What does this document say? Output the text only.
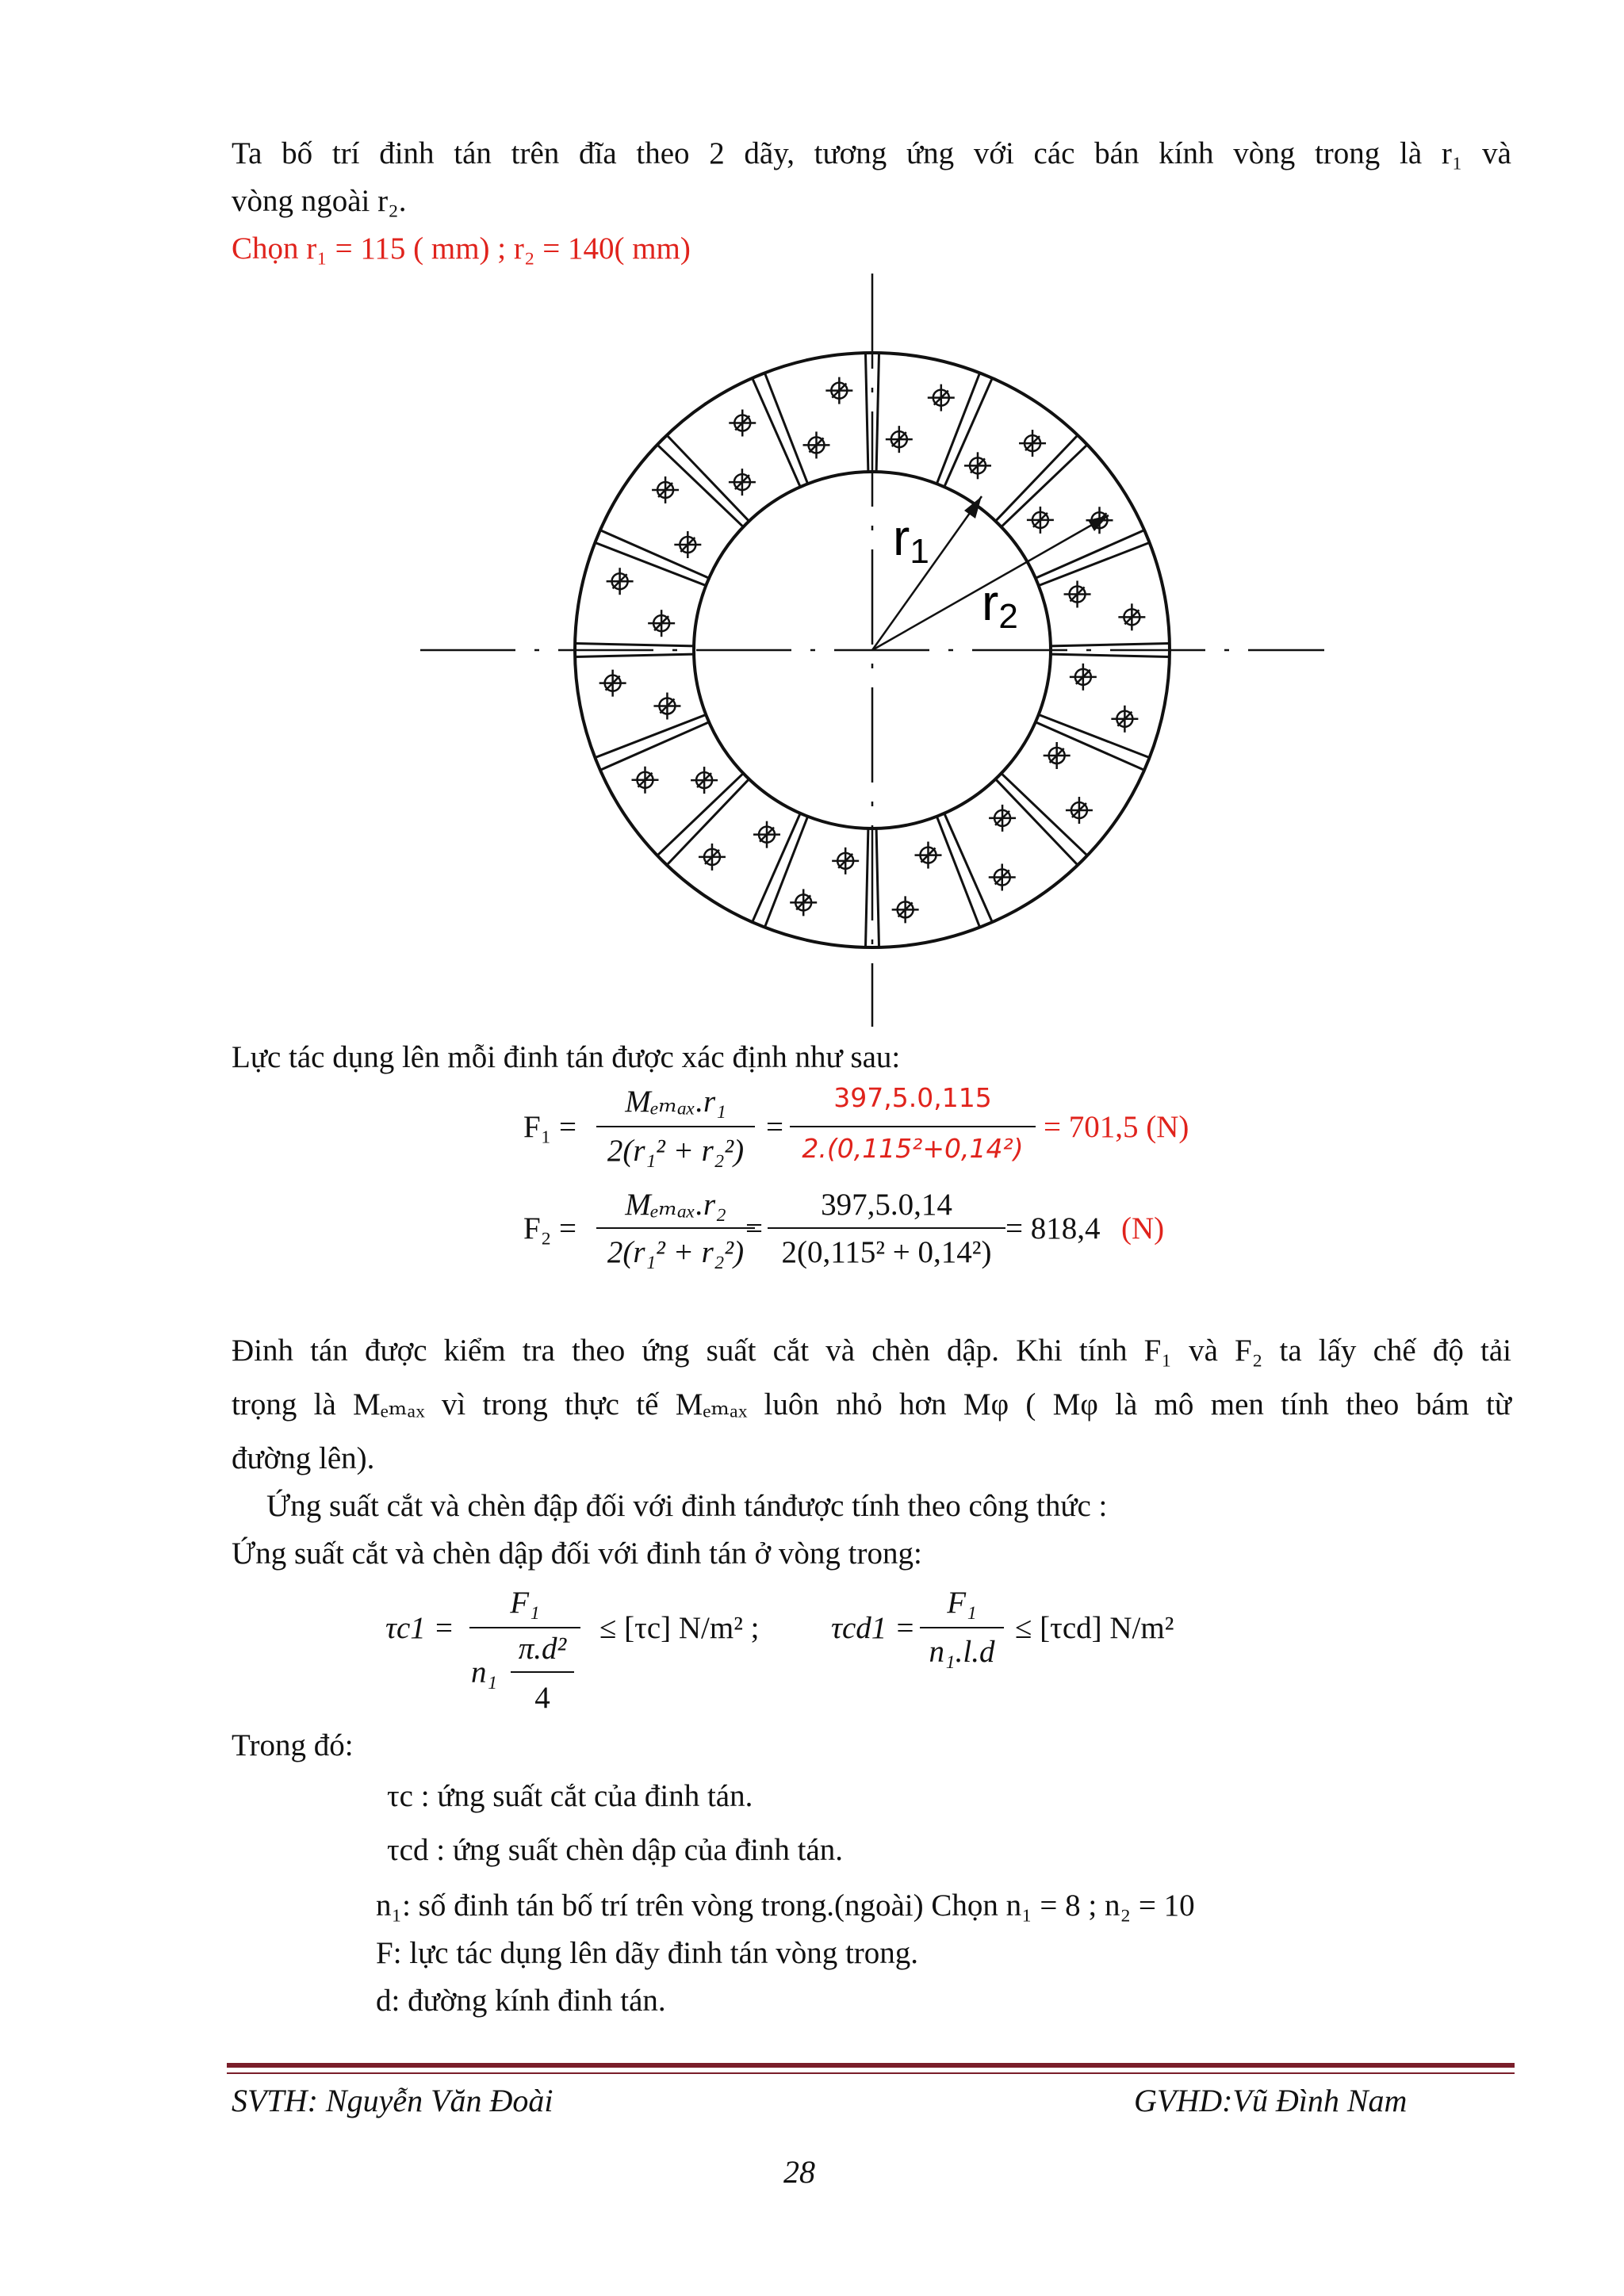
Ta bố trí đinh tán trên đĩa theo 2 dãy, tương ứng với các bán kính vòng trong là r₁ và
vòng ngoài r₂.
Chọn r₁ = 115 ( mm) ; r₂ = 140( mm)
r1
r2
Lực tác dụng lên mỗi đinh tán được xác định như sau:
F₁ =
Mₑₘₐₓ.r₁
2(r₁² + r₂²)
=
397,5.0,115
2.(0,115²+0,14²)
= 701,5 (N)
F₂ =
Mₑₘₐₓ.r₂
2(r₁² + r₂²)
=
397,5.0,14
2(0,115² + 0,14²)
= 818,4 (N)
Đinh tán được kiểm tra theo ứng suất cắt và chèn dập. Khi tính F₁ và F₂ ta lấy chế độ tải
trọng là Mₑₘₐₓ vì trong thực tế Mₑₘₐₓ luôn nhỏ hơn Mφ ( Mφ là mô men tính theo bám từ
đường lên).
Ứng suất cắt và chèn đập đối với đinh tánđược tính theo công thức :
Ứng suất cắt và chèn dập đối với đinh tán ở vòng trong:
τc1 =
F₁
n₁
π.d²
4
≤ [τc] N/m² ; τcd1 =
F₁
n₁.l.d
≤ [τcd] N/m²
Trong đó:
τc : ứng suất cắt của đinh tán.
τcd : ứng suất chèn dập của đinh tán.
n₁: số đinh tán bố trí trên vòng trong.(ngoài) Chọn n₁ = 8 ; n₂ = 10
F: lực tác dụng lên dãy đinh tán vòng trong.
d: đường kính đinh tán.
SVTH: Nguyễn Văn Đoài	GVHD:Vũ Đình Nam
28
